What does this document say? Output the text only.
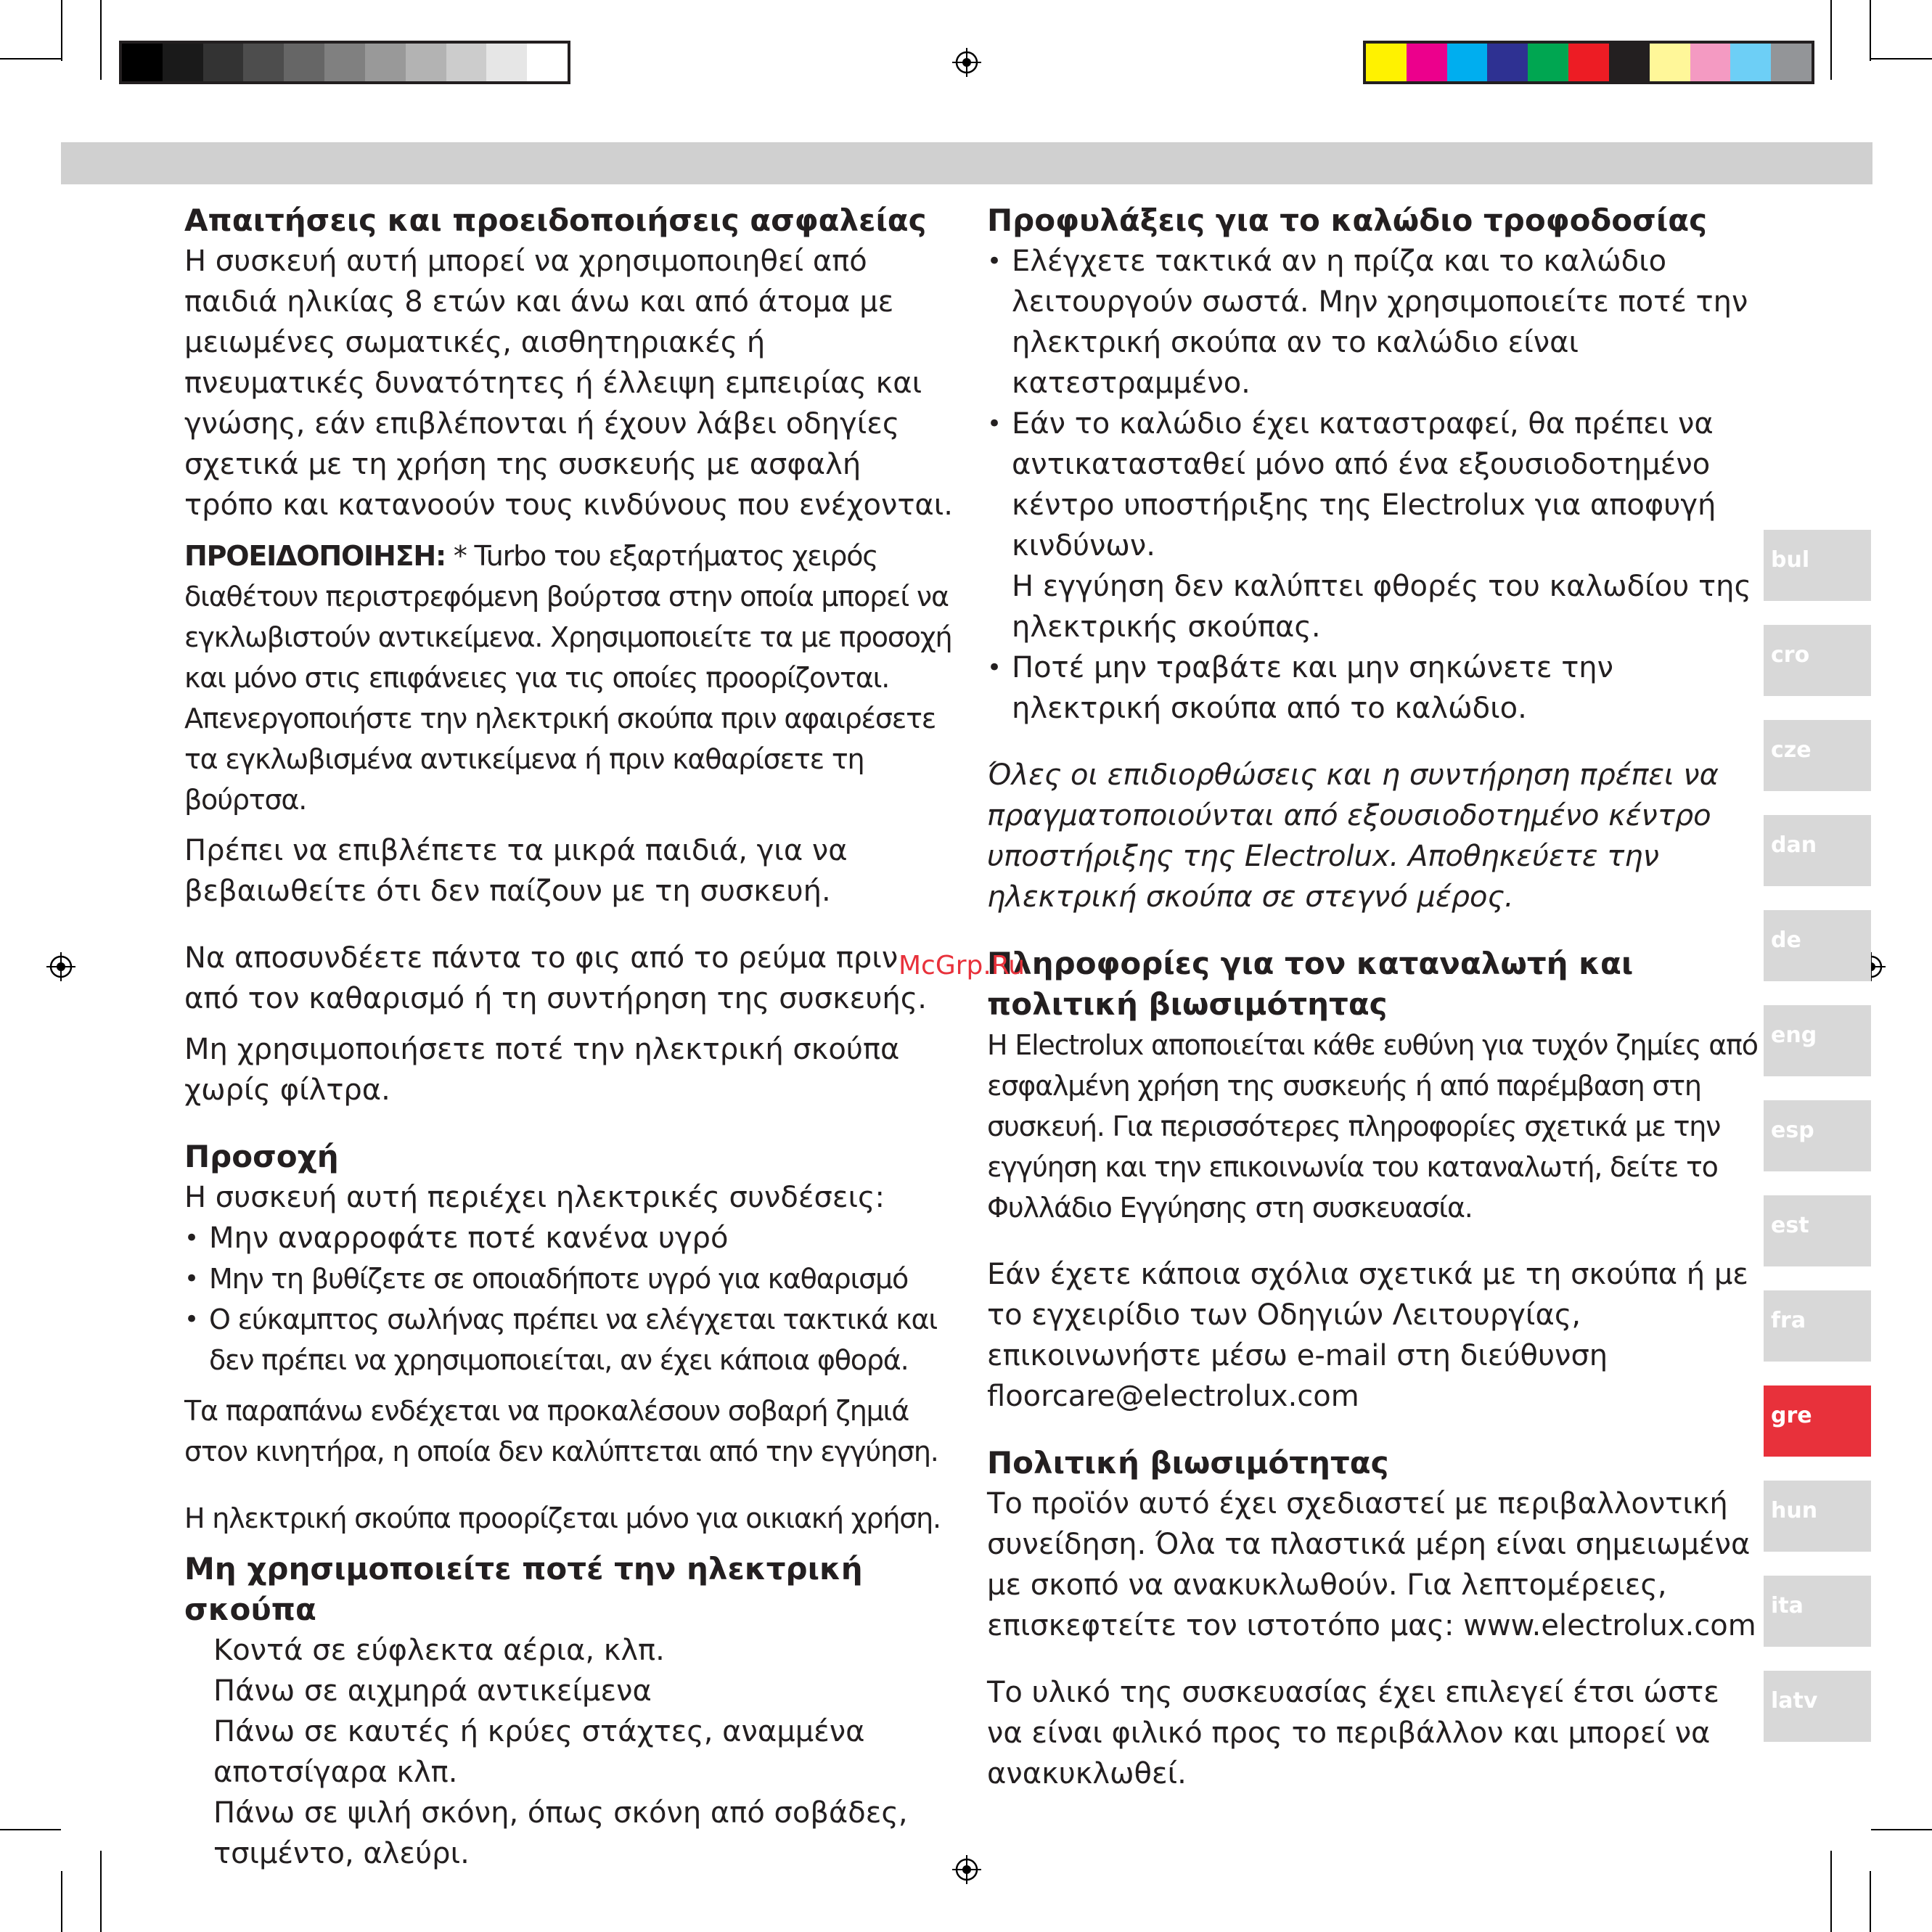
Απαιτήσεις και προειδοποιήσεις ασφαλείας

Η συσκευή αυτή μπορεί να χρησιμοποιηθεί από παιδιά ηλικίας 8 ετών και άνω και από άτομα με μειωμένες σωματικές, αισθητηριακές ή πνευματικές δυνατότητες ή έλλειψη εμπειρίας και γνώσης, εάν επιβλέπονται ή έχουν λάβει οδηγίες σχετικά με τη χρήση της συσκευής με ασφαλή τρόπο και κατανοούν τους κινδύνους που ενέχονται.

ΠΡΟΕΙΔΟΠΟΙΗΣΗ: * Turbo του εξαρτήματος χειρός διαθέτουν περιστρεφόμενη βούρτσα στην οποία μπορεί να εγκλωβιστούν αντικείμενα. Χρησιμοποιείτε τα με προσοχή και μόνο στις επιφάνειες για τις οποίες προορίζονται. Απενεργοποιήστε την ηλεκτρική σκούπα πριν αφαιρέσετε τα εγκλωβισμένα αντικείμενα ή πριν καθαρίσετε τη βούρτσα.

Πρέπει να επιβλέπετε τα μικρά παιδιά, για να βεβαιωθείτε ότι δεν παίζουν με τη συσκευή.

Να αποσυνδέετε πάντα το φις από το ρεύμα πριν από τον καθαρισμό ή τη συντήρηση της συσκευής.

Μη χρησιμοποιήσετε ποτέ την ηλεκτρική σκούπα χωρίς φίλτρα.

Προσοχή

Η συσκευή αυτή περιέχει ηλεκτρικές συνδέσεις:

• Μην αναρροφάτε ποτέ κανένα υγρό
• Μην τη βυθίζετε σε οποιαδήποτε υγρό για καθαρισμό
• Ο εύκαμπτος σωλήνας πρέπει να ελέγχεται τακτικά και δεν πρέπει να χρησιμοποιείται, αν έχει κάποια φθορά.

Τα παραπάνω ενδέχεται να προκαλέσουν σοβαρή ζημιά στον κινητήρα, η οποία δεν καλύπτεται από την εγγύηση.

Η ηλεκτρική σκούπα προορίζεται μόνο για οικιακή χρήση.

Μη χρησιμοποιείτε ποτέ την ηλεκτρική σκούπα
Κοντά σε εύφλεκτα αέρια, κλπ.
Πάνω σε αιχμηρά αντικείμενα
Πάνω σε καυτές ή κρύες στάχτες, αναμμένα αποτσίγαρα κλπ.
Πάνω σε ψιλή σκόνη, όπως σκόνη από σοβάδες, τσιμέντο, αλεύρι.
Προφυλάξεις για το καλώδιο τροφοδοσίας
• Ελέγχετε τακτικά αν η πρίζα και το καλώδιο λειτουργούν σωστά. Μην χρησιμοποιείτε ποτέ την ηλεκτρική σκούπα αν το καλώδιο είναι κατεστραμμένο.
• Εάν το καλώδιο έχει καταστραφεί, θα πρέπει να αντικατασταθεί μόνο από ένα εξουσιοδοτημένο κέντρο υποστήριξης της Electrolux για αποφυγή κινδύνων.
Η εγγύηση δεν καλύπτει φθορές του καλωδίου της ηλεκτρικής σκούπας.
• Ποτέ μην τραβάτε και μην σηκώνετε την ηλεκτρική σκούπα από το καλώδιο.

Όλες οι επιδιορθώσεις και η συντήρηση πρέπει να πραγματοποιούνται από εξουσιοδοτημένο κέντρο υποστήριξης της Electrolux. Αποθηκεύετε την ηλεκτρική σκούπα σε στεγνό μέρος.

Πληροφορίες για τον καταναλωτή και πολιτική βιωσιμότητας

Η Electrolux αποποιείται κάθε ευθύνη για τυχόν ζημίες από εσφαλμένη χρήση της συσκευής ή από παρέμβαση στη συσκευή. Για περισσότερες πληροφορίες σχετικά με την εγγύηση και την επικοινωνία του καταναλωτή, δείτε το Φυλλάδιο Εγγύησης στη συσκευασία.

Εάν έχετε κάποια σχόλια σχετικά με τη σκούπα ή με το εγχειρίδιο των Οδηγιών Λειτουργίας, επικοινωνήστε μέσω e-mail στη διεύθυνση floorcare@electrolux.com

Πολιτική βιωσιμότητας

Το προϊόν αυτό έχει σχεδιαστεί με περιβαλλοντική συνείδηση. Όλα τα πλαστικά μέρη είναι σημειωμένα με σκοπό να ανακυκλωθούν. Για λεπτομέρειες, επισκεφτείτε τον ιστοτόπο μας: www.electrolux.com

Το υλικό της συσκευασίας έχει επιλεγεί έτσι ώστε να είναι φιλικό προς το περιβάλλον και μπορεί να ανακυκλωθεί.

McGrp.Ru
bul
cro
cze
dan
de
eng
esp
est
fra
gre
hun
ita
latv
